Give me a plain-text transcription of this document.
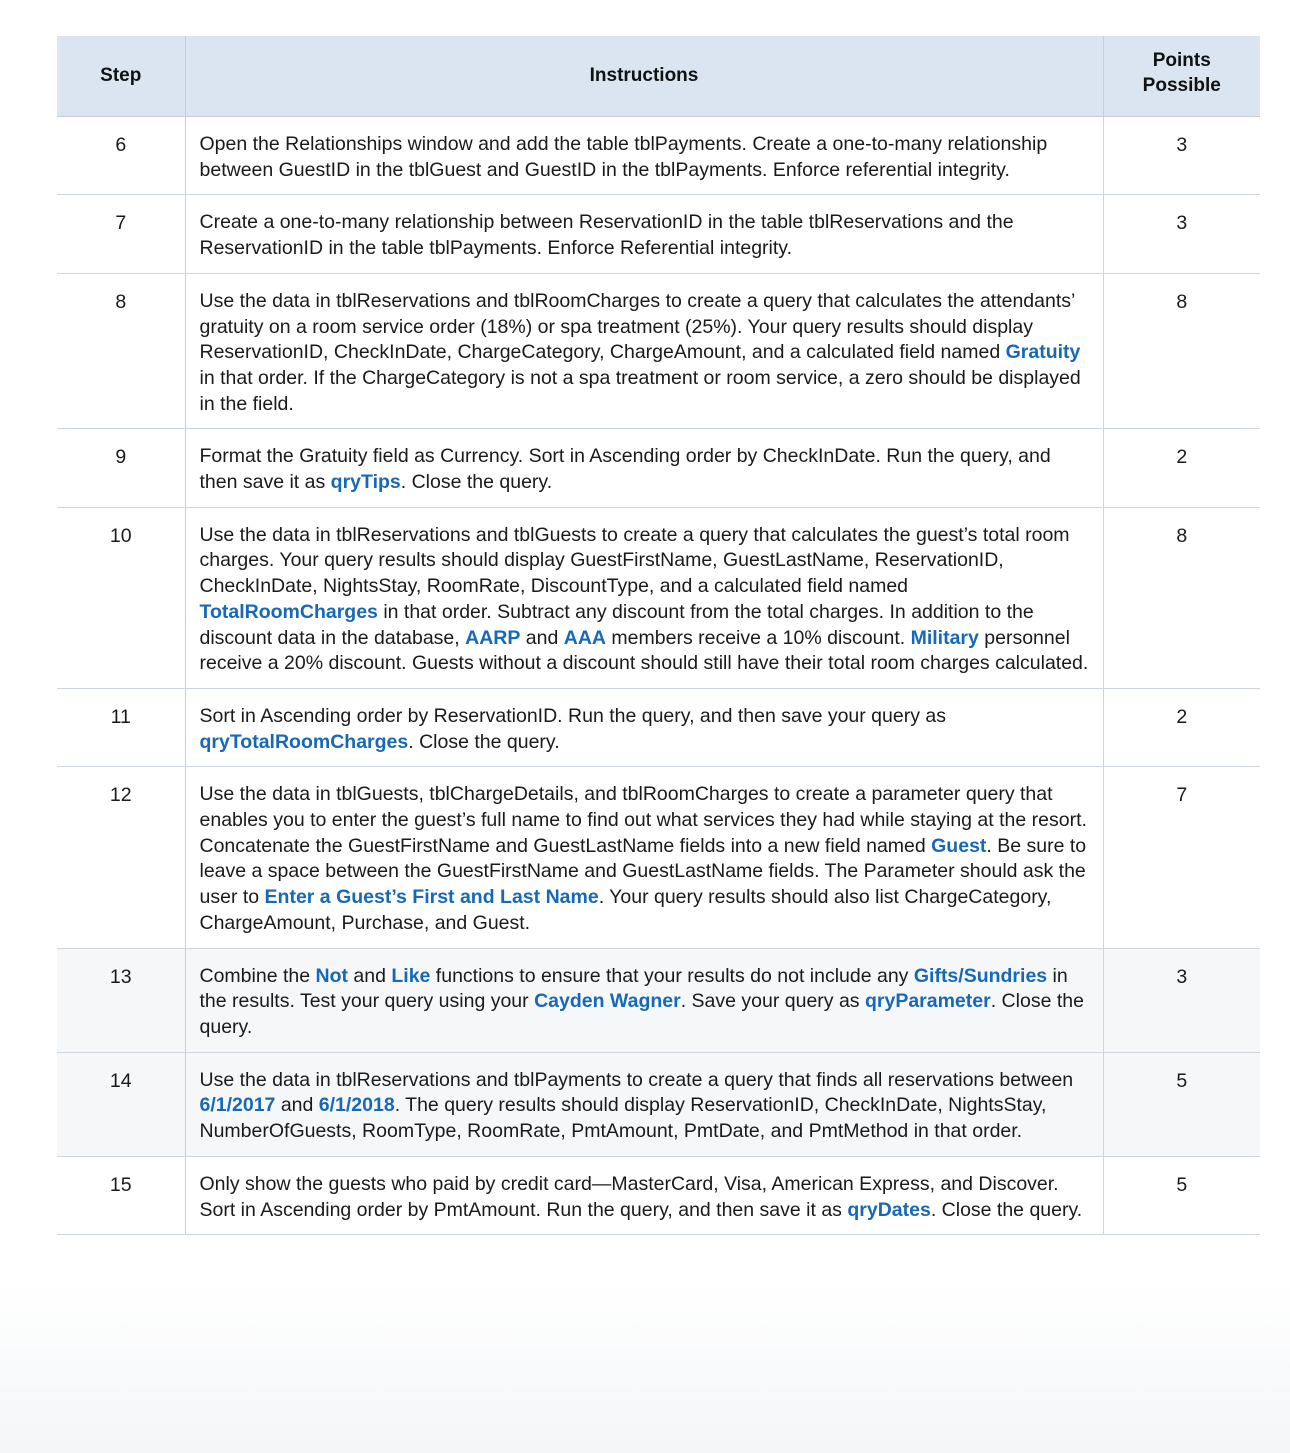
Step	Instructions	Points
Possible
6	Open the Relationships window and add the table tblPayments. Create a one-to-many relationship between GuestID in the tblGuest and GuestID in the tblPayments. Enforce referential integrity.	3
7	Create a one-to-many relationship between ReservationID in the table tblReservations and the ReservationID in the table tblPayments. Enforce Referential integrity.	3
8	Use the data in tblReservations and tblRoomCharges to create a query that calculates the attendants’ gratuity on a room service order (18%) or spa treatment (25%). Your query results should display ReservationID, CheckInDate, ChargeCategory, ChargeAmount, and a calculated field named Gratuity in that order. If the ChargeCategory is not a spa treatment or room service, a zero should be displayed in the field.	8
9	Format the Gratuity field as Currency. Sort in Ascending order by CheckInDate. Run the query, and then save it as qryTips. Close the query.	2
10	Use the data in tblReservations and tblGuests to create a query that calculates the guest’s total room charges. Your query results should display GuestFirstName, GuestLastName, ReservationID, CheckInDate, NightsStay, RoomRate, DiscountType, and a calculated field named TotalRoomCharges in that order. Subtract any discount from the total charges. In addition to the discount data in the database, AARP and AAA members receive a 10% discount. Military personnel receive a 20% discount. Guests without a discount should still have their total room charges calculated.	8
11	Sort in Ascending order by ReservationID. Run the query, and then save your query as qryTotalRoomCharges. Close the query.	2
12	Use the data in tblGuests, tblChargeDetails, and tblRoomCharges to create a parameter query that enables you to enter the guest’s full name to find out what services they had while staying at the resort. Concatenate the GuestFirstName and GuestLastName fields into a new field named Guest. Be sure to leave a space between the GuestFirstName and GuestLastName fields. The Parameter should ask the user to Enter a Guest’s First and Last Name. Your query results should also list ChargeCategory, ChargeAmount, Purchase, and Guest.	7
13	Combine the Not and Like functions to ensure that your results do not include any Gifts/Sundries in the results. Test your query using your Cayden Wagner. Save your query as qryParameter. Close the query.	3
14	Use the data in tblReservations and tblPayments to create a query that finds all reservations between 6/1/2017 and 6/1/2018. The query results should display ReservationID, CheckInDate, NightsStay, NumberOfGuests, RoomType, RoomRate, PmtAmount, PmtDate, and PmtMethod in that order.	5
15	Only show the guests who paid by credit card—MasterCard, Visa, American Express, and Discover. Sort in Ascending order by PmtAmount. Run the query, and then save it as qryDates. Close the query.	5
